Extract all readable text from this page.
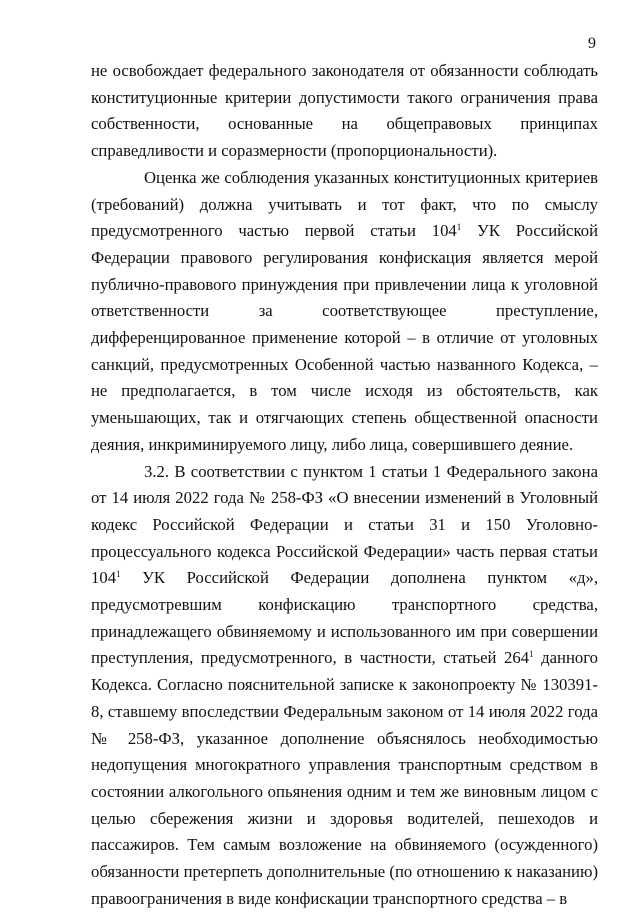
9

не освобождает федерального законодателя от обязанности соблюдать конституционные критерии допустимости такого ограничения права собственности, основанные на общеправовых принципах справедливости и соразмерности (пропорциональности).

Оценка же соблюдения указанных конституционных критериев (требований) должна учитывать и тот факт, что по смыслу предусмотренного частью первой статьи $104^1$ УК Российской Федерации правового регулирования конфискация является мерой публично-правового принуждения при привлечении лица к уголовной ответственности за соответствующее преступление, дифференцированное применение которой – в отличие от уголовных санкций, предусмотренных Особенной частью названного Кодекса, – не предполагается, в том числе исходя из обстоятельств, как уменьшающих, так и отягчающих степень общественной опасности деяния, инкриминируемого лицу, либо лица, совершившего деяние.

3.2. В соответствии с пунктом 1 статьи 1 Федерального закона от 14 июля 2022 года № 258-ФЗ «О внесении изменений в Уголовный кодекс Российской Федерации и статьи 31 и 150 Уголовно-процессуального кодекса Российской Федерации» часть первая статьи $104^1$ УК Российской Федерации дополнена пунктом «д», предусмотревшим конфискацию транспортного средства, принадлежащего обвиняемому и использованного им при совершении преступления, предусмотренного, в частности, статьей $264^1$ данного Кодекса. Согласно пояснительной записке к законопроекту № 130391-8, ставшему впоследствии Федеральным законом от 14 июля 2022 года № 258-ФЗ, указанное дополнение объяснялось необходимостью недопущения многократного управления транспортным средством в состоянии алкогольного опьянения одним и тем же виновным лицом с целью сбережения жизни и здоровья водителей, пешеходов и пассажиров. Тем самым возложение на обвиняемого (осужденного) обязанности претерпеть дополнительные (по отношению к наказанию) правоограничения в виде конфискации транспортного средства – в
